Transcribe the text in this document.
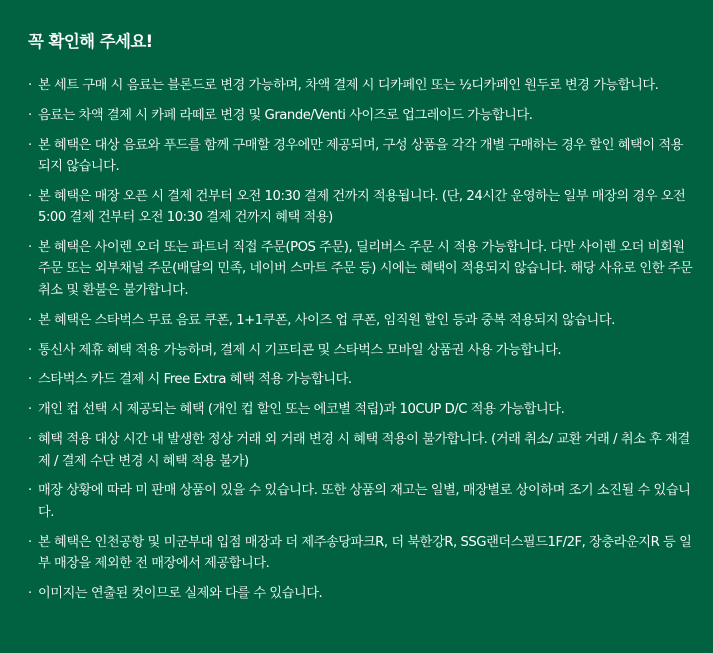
꼭 확인해 주세요!
· 본 세트 구매 시 음료는 블론드로 변경 가능하며, 차액 결제 시 디카페인 또는 ½디카페인 원두로 변경 가능합니다.
· 음료는 차액 결제 시 카페 라떼로 변경 및 Grande/Venti 사이즈로 업그레이드 가능합니다.
· 본 혜택은 대상 음료와 푸드를 함께 구매할 경우에만 제공되며, 구성 상품을 각각 개별 구매하는 경우 할인 혜택이 적용되지 않습니다.
· 본 혜택은 매장 오픈 시 결제 건부터 오전 10:30 결제 건까지 적용됩니다. (단, 24시간 운영하는 일부 매장의 경우 오전 5:00 결제 건부터 오전 10:30 결제 건까지 혜택 적용)
· 본 혜택은 사이렌 오더 또는 파트너 직접 주문(POS 주문), 딜리버스 주문 시 적용 가능합니다. 다만 사이렌 오더 비회원 주문 또는 외부채널 주문(배달의 민족, 네이버 스마트 주문 등) 시에는 혜택이 적용되지 않습니다. 해당 사유로 인한 주문 취소 및 환불은 불가합니다.
· 본 혜택은 스타벅스 무료 음료 쿠폰, 1+1쿠폰, 사이즈 업 쿠폰, 임직원 할인 등과 중복 적용되지 않습니다.
· 통신사 제휴 혜택 적용 가능하며, 결제 시 기프티콘 및 스타벅스 모바일 상품권 사용 가능합니다.
· 스타벅스 카드 결제 시 Free Extra 혜택 적용 가능합니다.
· 개인 컵 선택 시 제공되는 혜택 (개인 컵 할인 또는 에코별 적립)과 10CUP D/C 적용 가능합니다.
· 혜택 적용 대상 시간 내 발생한 정상 거래 외 거래 변경 시 혜택 적용이 불가합니다. (거래 취소/ 교환 거래 / 취소 후 재결제 / 결제 수단 변경 시 혜택 적용 불가)
· 매장 상황에 따라 미 판매 상품이 있을 수 있습니다. 또한 상품의 재고는 일별, 매장별로 상이하며 조기 소진될 수 있습니다.
· 본 혜택은 인천공항 및 미군부대 입점 매장과 더 제주송당파크R, 더 북한강R, SSG랜더스필드1F/2F, 장충라운지R 등 일부 매장을 제외한 전 매장에서 제공합니다.
· 이미지는 연출된 컷이므로 실제와 다를 수 있습니다.
